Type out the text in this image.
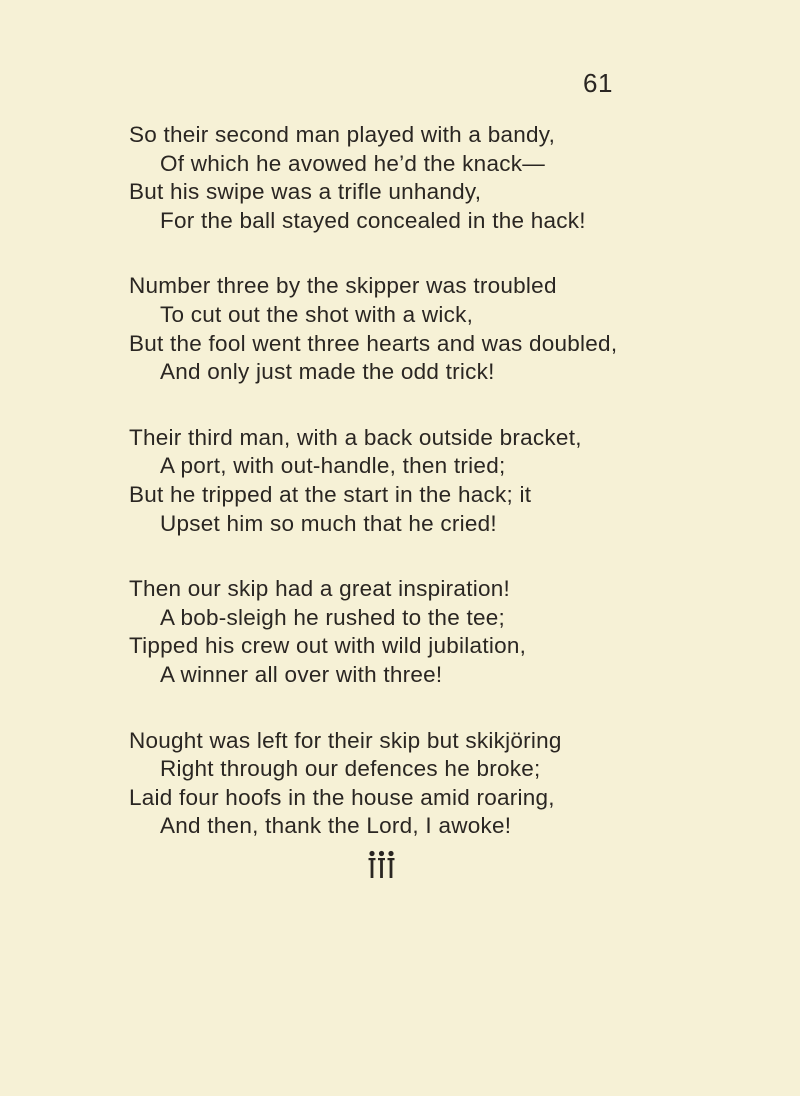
61
So their second man played with a bandy,
Of which he avowed he’d the knack—
But his swipe was a trifle unhandy,
For the ball stayed concealed in the hack!
Number three by the skipper was troubled
To cut out the shot with a wick,
But the fool went three hearts and was doubled,
And only just made the odd trick!
Their third man, with a back outside bracket,
A port, with out-handle, then tried;
But he tripped at the start in the hack; it
Upset him so much that he cried!
Then our skip had a great inspiration!
A bob-sleigh he rushed to the tee;
Tipped his crew out with wild jubilation,
A winner all over with three!
Nought was left for their skip but skikjöring
Right through our defences he broke;
Laid four hoofs in the house amid roaring,
And then, thank the Lord, I awoke!
